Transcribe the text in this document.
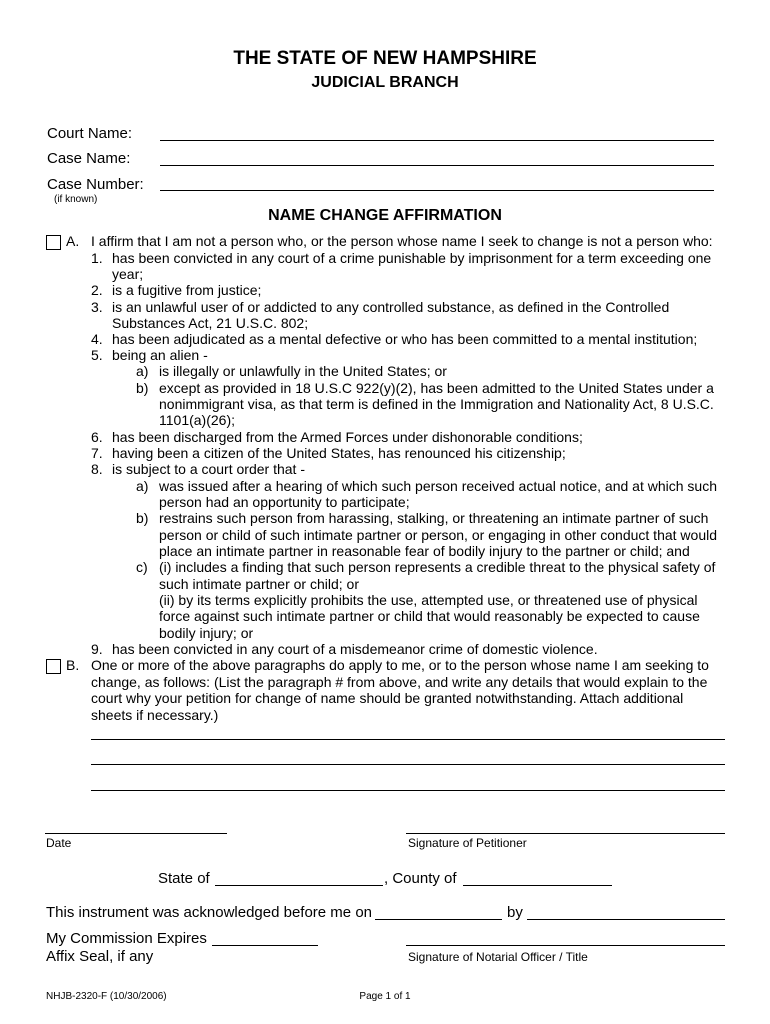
THE STATE OF NEW HAMPSHIRE
JUDICIAL BRANCH
Court Name:
Case Name:
Case Number:
(if known)
NAME CHANGE AFFIRMATION
A. I affirm that I am not a person who, or the person whose name I seek to change is not a person who:
1. has been convicted in any court of a crime punishable by imprisonment for a term exceeding one
year;
2. is a fugitive from justice;
3. is an unlawful user of or addicted to any controlled substance, as defined in the Controlled
Substances Act, 21 U.S.C. 802;
4. has been adjudicated as a mental defective or who has been committed to a mental institution;
5. being an alien -
a) is illegally or unlawfully in the United States; or
b) except as provided in 18 U.S.C 922(y)(2), has been admitted to the United States under a
nonimmigrant visa, as that term is defined in the Immigration and Nationality Act, 8 U.S.C.
1101(a)(26);
6. has been discharged from the Armed Forces under dishonorable conditions;
7. having been a citizen of the United States, has renounced his citizenship;
8. is subject to a court order that -
a) was issued after a hearing of which such person received actual notice, and at which such
person had an opportunity to participate;
b) restrains such person from harassing, stalking, or threatening an intimate partner of such
person or child of such intimate partner or person, or engaging in other conduct that would
place an intimate partner in reasonable fear of bodily injury to the partner or child; and
c) (i) includes a finding that such person represents a credible threat to the physical safety of
such intimate partner or child; or
(ii) by its terms explicitly prohibits the use, attempted use, or threatened use of physical
force against such intimate partner or child that would reasonably be expected to cause
bodily injury; or
9. has been convicted in any court of a misdemeanor crime of domestic violence.
B. One or more of the above paragraphs do apply to me, or to the person whose name I am seeking to
change, as follows: (List the paragraph # from above, and write any details that would explain to the
court why your petition for change of name should be granted notwithstanding. Attach additional
sheets if necessary.)
Date	Signature of Petitioner
State of	, County of
This instrument was acknowledged before me on	by
My Commission Expires
Affix Seal, if any	Signature of Notarial Officer / Title
NHJB-2320-F (10/30/2006)	Page 1 of 1
